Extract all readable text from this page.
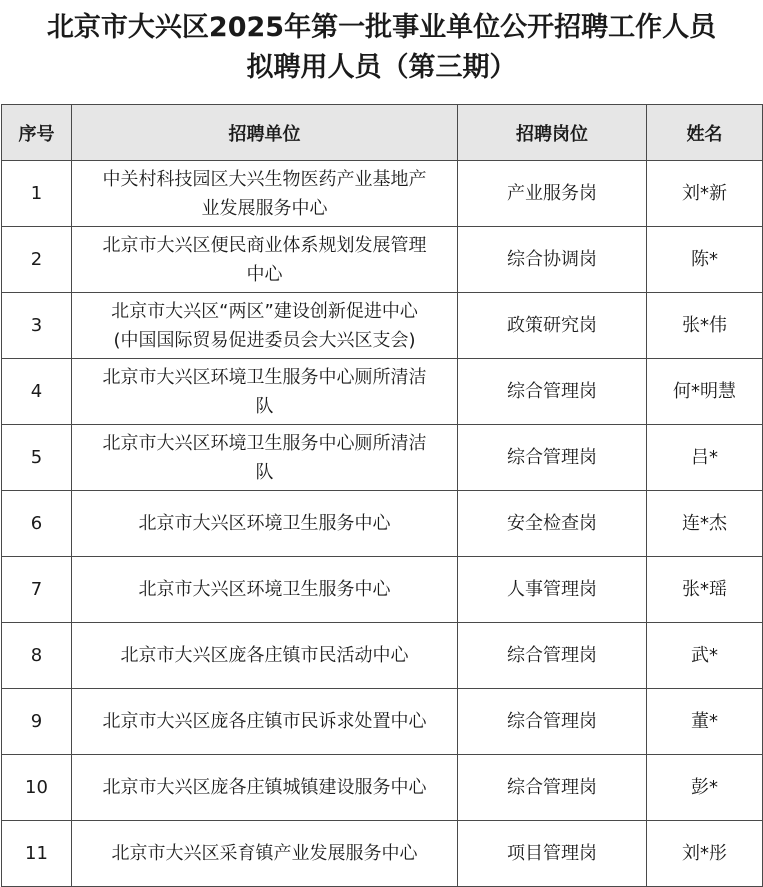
北京市大兴区2025年第一批事业单位公开招聘工作人员
拟聘用人员（第三期）
序号	招聘单位	招聘岗位	姓名
1	中关村科技园区大兴生物医药产业基地产
业发展服务中心	产业服务岗	刘*新
2	北京市大兴区便民商业体系规划发展管理
中心	综合协调岗	陈*
3	北京市大兴区“两区”建设创新促进中心
(中国国际贸易促进委员会大兴区支会)	政策研究岗	张*伟
4	北京市大兴区环境卫生服务中心厕所清洁
队	综合管理岗	何*明慧
5	北京市大兴区环境卫生服务中心厕所清洁
队	综合管理岗	吕*
6	北京市大兴区环境卫生服务中心	安全检查岗	连*杰
7	北京市大兴区环境卫生服务中心	人事管理岗	张*瑶
8	北京市大兴区庞各庄镇市民活动中心	综合管理岗	武*
9	北京市大兴区庞各庄镇市民诉求处置中心	综合管理岗	董*
10	北京市大兴区庞各庄镇城镇建设服务中心	综合管理岗	彭*
11	北京市大兴区采育镇产业发展服务中心	项目管理岗	刘*彤
